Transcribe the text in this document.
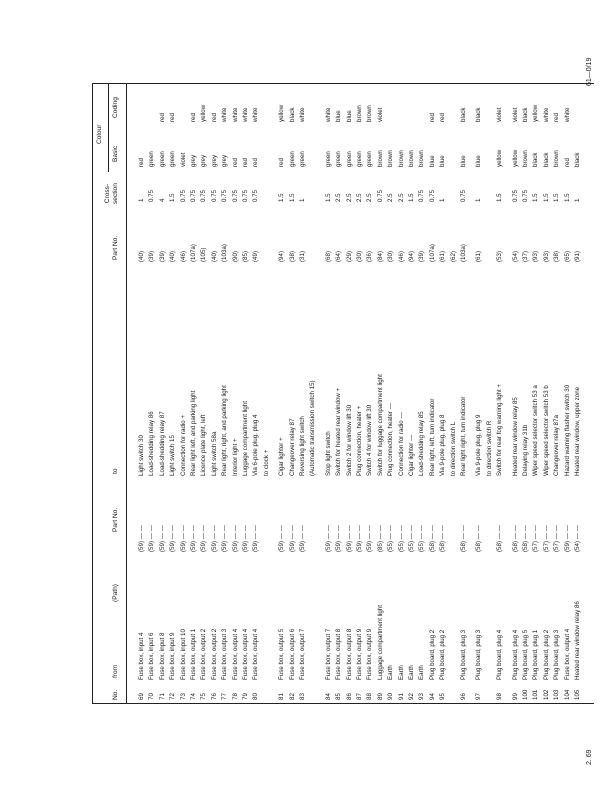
No.
from
(Path)
Part No.
to
Part No.
Colour
Basic
Coding
Cross-
section
69
Fuse box, input 4
(59) — —
Light switch 30
(40)
1
red
70
Fuse box, input 6
(59) — —
Load-shedding relay 86
(39)
0.75
green
71
Fuse box, input 8
(59) — —
Load-shedding relay 87
(39)
4
green
red
72
Fuse box, input 9
(59) — —
Light switch 15
(40)
1.5
green
red
73
Fuse box, input 10
(59) — —
Connection for radio +
(46)
0.75
violet
74
Fuse box, output 1
(59) — —
Rear light left, and parking light
(107a)
0.75
grey
red
75
Fuse box, output 2
(59) — —
Licence plate light, left
(105)
0.75
grey
yellow
76
Fuse box, output 2
(59) — —
Light switch 58a
(40)
0.75
grey
red
77
Fuse box, output 3
(59) — —
Rear light, right, and parking light
(103a)
0.75
grey
white
78
Fuse box, output 4
(59) — —
Interior light +
(90)
0.75
red
white
79
Fuse box, output 4
(59) — —
Luggage compartment light
(85)
0.75
red
white
80
Fuse box, output 4
(59) — —
Via 6-pole plug, plug 4
(49)
0.75
red
white
to clock +
81
Fuse box, output 5
(59) — —
Cigar lighter +
(94)
1.5
red
yellow
82
Fuse box, output 6
(59) — —
Changeover relay 87
(38)
1.5
green
black
83
Fuse box, output 7
(59) — —
Reversing light switch
(31)
1
green
white
(Automatic transmission switch 15)
84
Fuse box, output 7
(59) — —
Stop light switch
(68)
1.5
green
white
85
Fuse box, output 8
(59) — —
Switch for heated rear window +
(64)
2.5
green
blue
86
Fuse box, output 8
(59) — —
Switch 2 for window lift 30
(29)
2.5
green
blue
87
Fuse box, output 9
(59) — —
Plug connection, heater +
(30)
2.5
green
brown
88
Fuse box, output 9
(59) — —
Switch 4 for window lift 30
(36)
2.5
green
brown
89
Luggage compartment light
(85) — —
Switch for luggage compartment light
(84)
0.75
brown
violet
90
Earth
(55) — —
Plug connection, heater —
(30)
2.5
brown
91
Earth
(55) — —
Connection for radio —
(46)
2.5
brown
92
Earth
(55) — —
Cigar lighter —
(94)
1.5
brown
93
Earth
(55) — —
Load-shedding relay 85
(39)
0.75
brown
94
Plug board, plug 2
(58) — —
Rear light, left, turn indicator
(107a)
0.75
blue
red
95
Plug board, plug 2
(58) — —
Via 9-pole plug, plug 8
(61)
1
blue
red
to direction switch L
(62)
96
Plug board, plug 3
(58) — —
Rear light right, turn indicator
(103a)
0.75
blue
black
97
Plug board, plug 3
(58) — —
Via 9-pole plug, plug 9
(61)
1
blue
black
to direction switch R
98
Plug board, plug 4
(58) — —
Switch for rear fog warning light +
(53)
1.5
yellow
violet
99
Plug board, plug 4
(58) — —
Heated rear window relay 85
(54)
0.75
yellow
violet
100
Plug board, plug 5
(58) — —
Delaying relay 31b
(37)
0.75
brown
black
101
Plug board, plug 1
(57) — —
Wiper speed selector switch 53 a
(93)
1.5
black
yellow
102
Plug board, plug 2
(57) — —
Wiper speed selector switch 53 b
(93)
1.5
black
white
103
Plug board, plug 3
(57) — —
Changeover relay 87a
(38)
1.5
brown
red
104
Fuse box, output 4
(59) — —
Hazard warning flasher switch 30
(65)
1.5
red
white
105
Heated rear window relay 86
(54) — —
Heated rear window, upper zone
(91)
1
black
2. 69
61—0/19
